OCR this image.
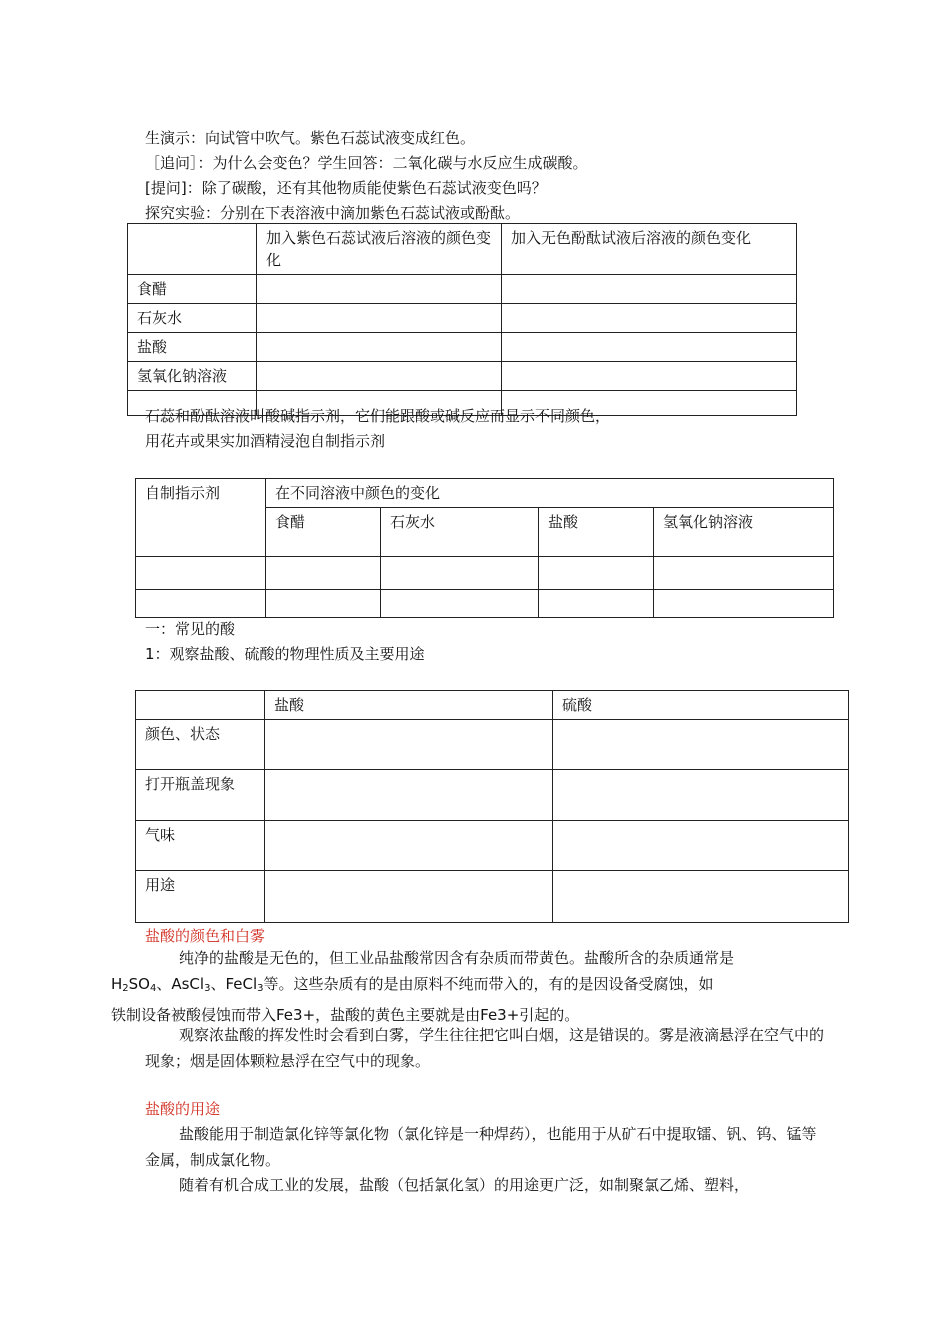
生演示：向试管中吹气。紫色石蕊试液变成红色。
［追问］：为什么会变色？学生回答：二氧化碳与水反应生成碳酸。
[提问]：除了碳酸，还有其他物质能使紫色石蕊试液变色吗？
探究实验：分别在下表溶液中滴加紫色石蕊试液或酚酞。
	加入紫色石蕊试液后溶液的颜色变化	加入无色酚酞试液后溶液的颜色变化
食醋		
石灰水		
盐酸		
氢氧化钠溶液		

石蕊和酚酞溶液叫酸碱指示剂，它们能跟酸或碱反应而显示不同颜色，
用花卉或果实加酒精浸泡自制指示剂
自制指示剂	在不同溶液中颜色的变化			
	食醋	石灰水	盐酸	氢氧化钠溶液

一：常见的酸
1：观察盐酸、硫酸的物理性质及主要用途
	盐酸	硫酸
颜色、状态		
打开瓶盖现象		
气味		
用途		
盐酸的颜色和白雾
纯净的盐酸是无色的，但工业品盐酸常因含有杂质而带黄色。盐酸所含的杂质通常是
$H_2SO_4$、AsCl$_3$、FeCl$_3$等。这些杂质有的是由原料不纯而带入的，有的是因设备受腐蚀，如
铁制设备被酸侵蚀而带入Fe3+，盐酸的黄色主要就是由Fe3+引起的。
观察浓盐酸的挥发性时会看到白雾，学生往往把它叫白烟，这是错误的。雾是液滴悬浮在空气中的现象；烟是固体颗粒悬浮在空气中的现象。
盐酸的用途
盐酸能用于制造氯化锌等氯化物（氯化锌是一种焊药），也能用于从矿石中提取镭、钒、钨、锰等金属，制成氯化物。
随着有机合成工业的发展，盐酸（包括氯化氢）的用途更广泛，如制聚氯乙烯、塑料，
